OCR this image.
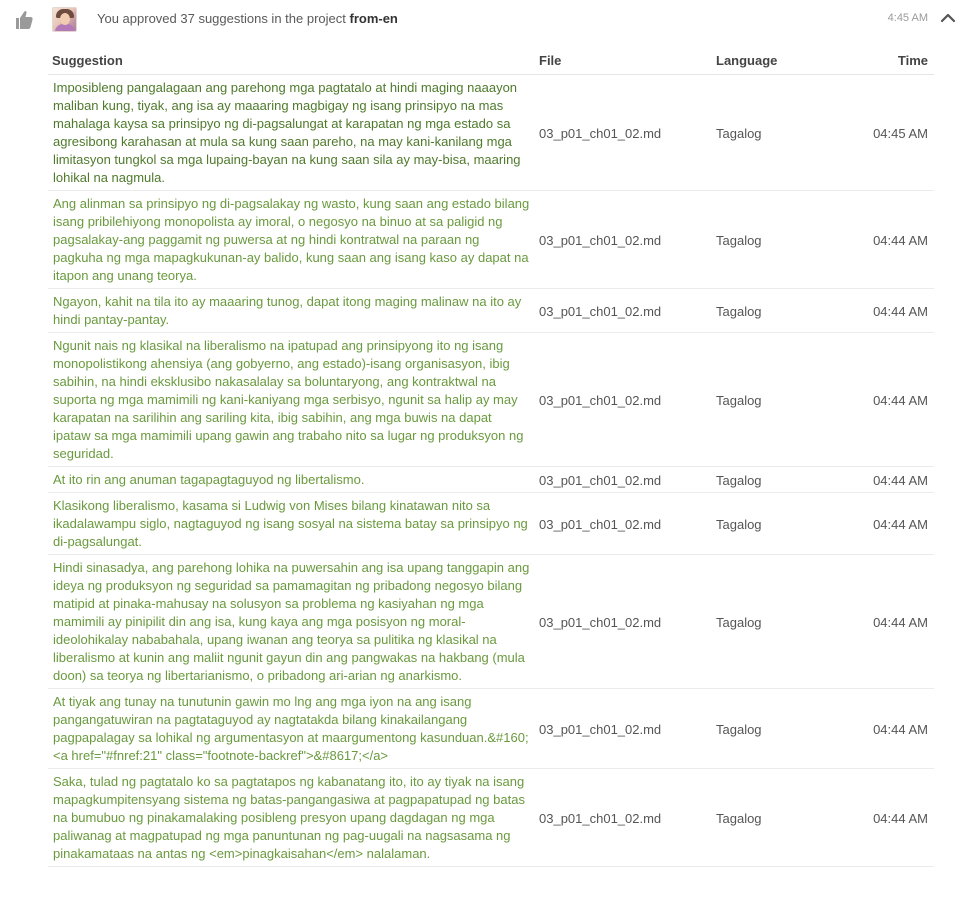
You approved 37 suggestions in the project from-en	4:45 AM
Suggestion	File	Language	Time
Imposibleng pangalagaan ang parehong mga pagtatalo at hindi maging naaayon maliban kung, tiyak, ang isa ay maaaring magbigay ng isang prinsipyo na mas mahalaga kaysa sa prinsipyo ng di-pagsalungat at karapatan ng mga estado sa agresibong karahasan at mula sa kung saan pareho, na may kani-kanilang mga limitasyon tungkol sa mga lupaing-bayan na kung saan sila ay may-bisa, maaring lohikal na nagmula.	03_p01_ch01_02.md	Tagalog	04:45 AM
Ang alinman sa prinsipyo ng di-pagsalakay ng wasto, kung saan ang estado bilang isang pribilehiyong monopolista ay imoral, o negosyo na binuo at sa paligid ng pagsalakay-ang paggamit ng puwersa at ng hindi kontratwal na paraan ng pagkuha ng mga mapagkukunan-ay balido, kung saan ang isang kaso ay dapat na itapon ang unang teorya.	03_p01_ch01_02.md	Tagalog	04:44 AM
Ngayon, kahit na tila ito ay maaaring tunog, dapat itong maging malinaw na ito ay hindi pantay-pantay.	03_p01_ch01_02.md	Tagalog	04:44 AM
Ngunit nais ng klasikal na liberalismo na ipatupad ang prinsipyong ito ng isang monopolistikong ahensiya (ang gobyerno, ang estado)-isang organisasyon, ibig sabihin, na hindi eksklusibo nakasalalay sa boluntaryong, ang kontraktwal na suporta ng mga mamimili ng kani-kaniyang mga serbisyo, ngunit sa halip ay may karapatan na sarilihin ang sariling kita, ibig sabihin, ang mga buwis na dapat ipataw sa mga mamimili upang gawin ang trabaho nito sa lugar ng produksyon ng seguridad.	03_p01_ch01_02.md	Tagalog	04:44 AM
At ito rin ang anuman tagapagtaguyod ng libertalismo.	03_p01_ch01_02.md	Tagalog	04:44 AM
Klasikong liberalismo, kasama si Ludwig von Mises bilang kinatawan nito sa ikadalawampu siglo, nagtaguyod ng isang sosyal na sistema batay sa prinsipyo ng di-pagsalungat.	03_p01_ch01_02.md	Tagalog	04:44 AM
Hindi sinasadya, ang parehong lohika na puwersahin ang isa upang tanggapin ang ideya ng produksyon ng seguridad sa pamamagitan ng pribadong negosyo bilang matipid at pinaka-mahusay na solusyon sa problema ng kasiyahan ng mga mamimili ay pinipilit din ang isa, kung kaya ang mga posisyon ng moral-ideolohikalay nababahala, upang iwanan ang teorya sa pulitika ng klasikal na liberalismo at kunin ang maliit ngunit gayun din ang pangwakas na hakbang (mula doon) sa teorya ng libertarianismo, o pribadong ari-arian ng anarkismo.	03_p01_ch01_02.md	Tagalog	04:44 AM
At tiyak ang tunay na tunutunin gawin mo lng ang mga iyon na ang isang pangangatuwiran na pagtataguyod ay nagtatakda bilang kinakailangang pagpapalagay sa lohikal ng argumentasyon at maargumentong kasunduan.&#160;<a href="#fnref:21" class="footnote-backref">&#8617;</a>	03_p01_ch01_02.md	Tagalog	04:44 AM
Saka, tulad ng pagtatalo ko sa pagtatapos ng kabanatang ito, ito ay tiyak na isang mapagkumpitensyang sistema ng batas-pangangasiwa at pagpapatupad ng batas na bumubuo ng pinakamalaking posibleng presyon upang dagdagan ng mga paliwanag at magpatupad ng mga panuntunan ng pag-uugali na nagsasama ng pinakamataas na antas ng <em>pinagkaisahan</em> nalalaman.	03_p01_ch01_02.md	Tagalog	04:44 AM
